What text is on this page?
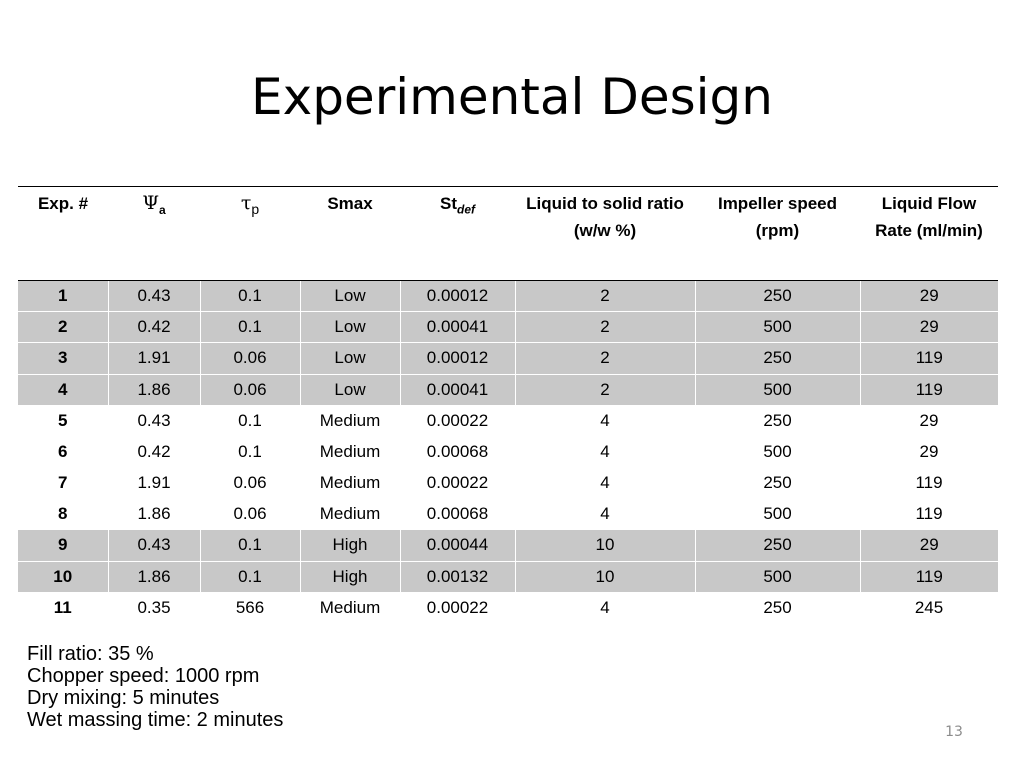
Experimental Design
Exp. #	$\Psi_a$	$\tau_p$	Smax	$St_{def}$	Liquid to solid ratio (w/w %)	Impeller speed (rpm)	Liquid Flow Rate (ml/min)
1	0.43	0.1	Low	0.00012	2	250	29
2	0.42	0.1	Low	0.00041	2	500	29
3	1.91	0.06	Low	0.00012	2	250	119
4	1.86	0.06	Low	0.00041	2	500	119
5	0.43	0.1	Medium	0.00022	4	250	29
6	0.42	0.1	Medium	0.00068	4	500	29
7	1.91	0.06	Medium	0.00022	4	250	119
8	1.86	0.06	Medium	0.00068	4	500	119
9	0.43	0.1	High	0.00044	10	250	29
10	1.86	0.1	High	0.00132	10	500	119
11	0.35	566	Medium	0.00022	4	250	245
Fill ratio: 35 %
Chopper speed: 1000 rpm
Dry mixing: 5 minutes
Wet massing time: 2 minutes
13
